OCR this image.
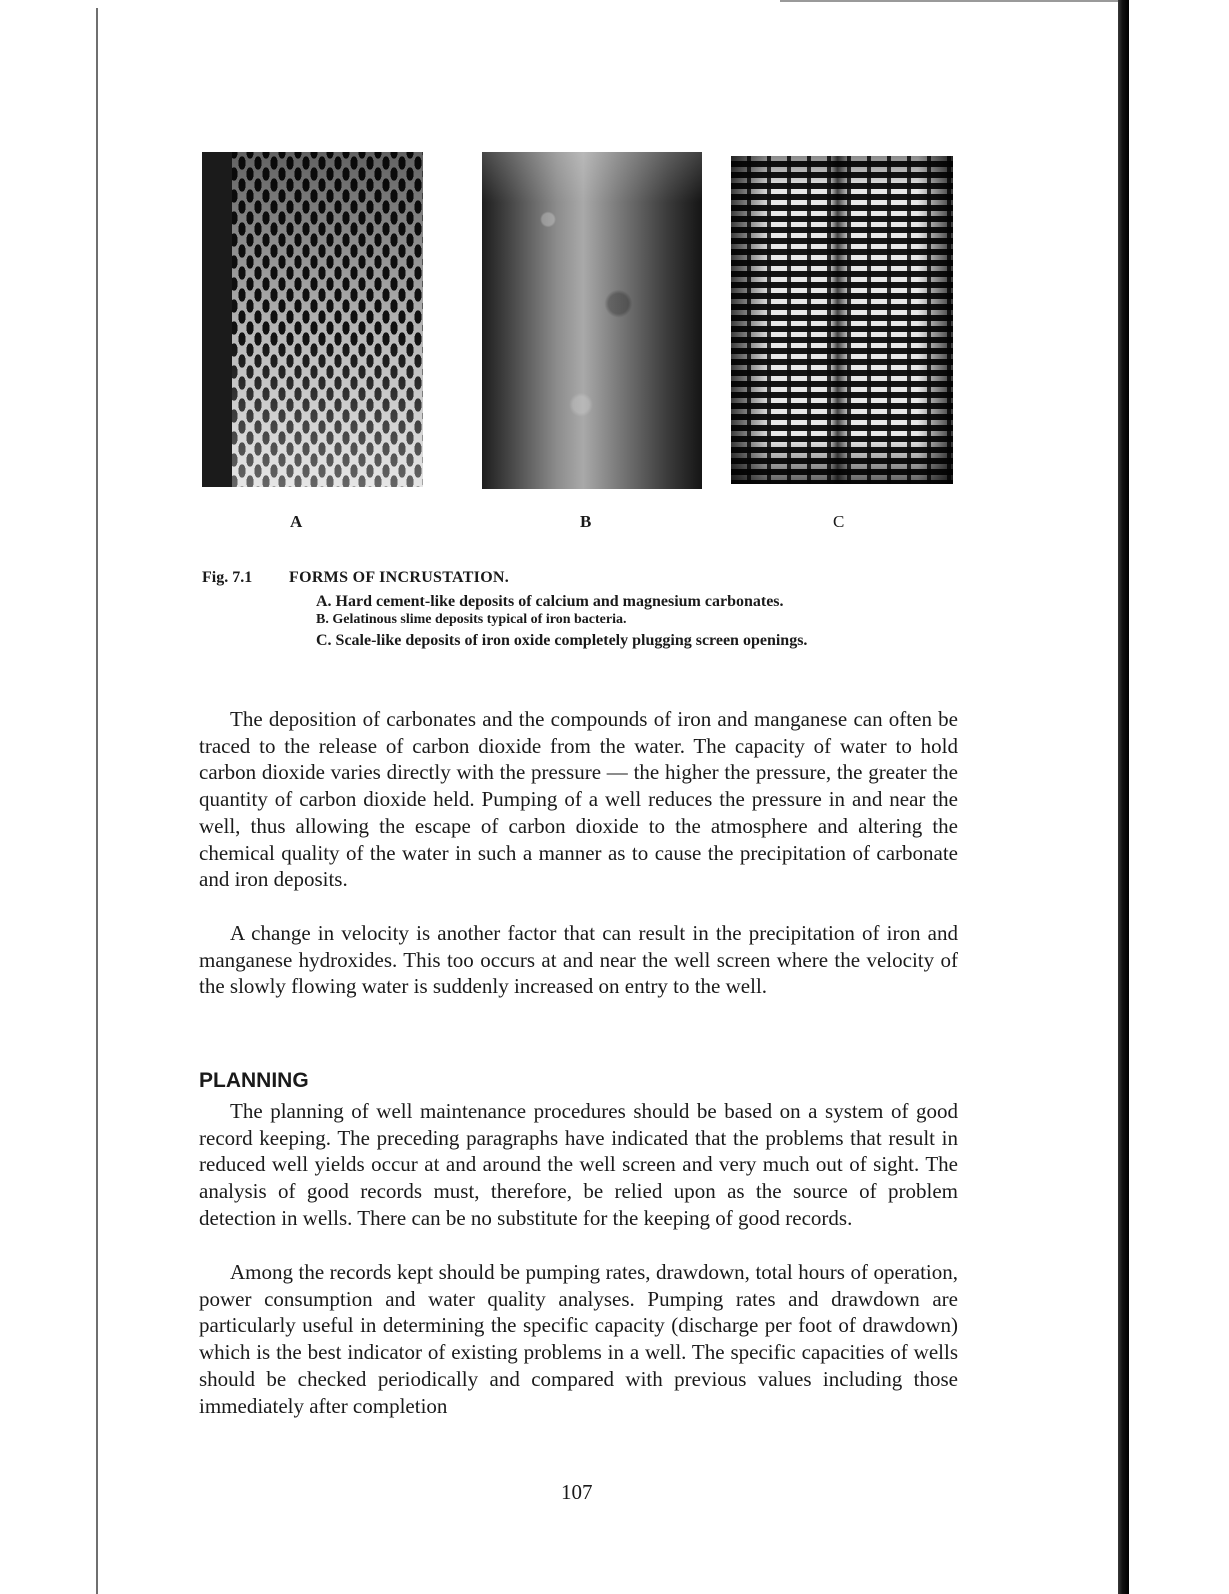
A	B	C
Fig. 7.1 FORMS OF INCRUSTATION.
A. Hard cement-like deposits of calcium and magnesium carbonates.
B. Gelatinous slime deposits typical of iron bacteria.
C. Scale-like deposits of iron oxide completely plugging screen openings.

The deposition of carbonates and the compounds of iron and manganese can often be traced to the release of carbon dioxide from the water. The capacity of water to hold carbon dioxide varies directly with the pressure — the higher the pressure, the greater the quantity of carbon dioxide held. Pumping of a well reduces the pressure in and near the well, thus allowing the escape of carbon dioxide to the atmosphere and altering the chemical quality of the water in such a manner as to cause the precipitation of carbonate and iron deposits.

A change in velocity is another factor that can result in the precipitation of iron and manganese hydroxides. This too occurs at and near the well screen where the velocity of the slowly flowing water is suddenly increased on entry to the well.

PLANNING

The planning of well maintenance procedures should be based on a system of good record keeping. The preceding paragraphs have indicated that the problems that result in reduced well yields occur at and around the well screen and very much out of sight. The analysis of good records must, therefore, be relied upon as the source of problem detection in wells. There can be no substitute for the keeping of good records.

Among the records kept should be pumping rates, drawdown, total hours of operation, power consumption and water quality analyses. Pumping rates and drawdown are particularly useful in determining the specific capacity (discharge per foot of drawdown) which is the best indicator of existing problems in a well. The specific capacities of wells should be checked periodically and compared with previous values including those immediately after completion

107
